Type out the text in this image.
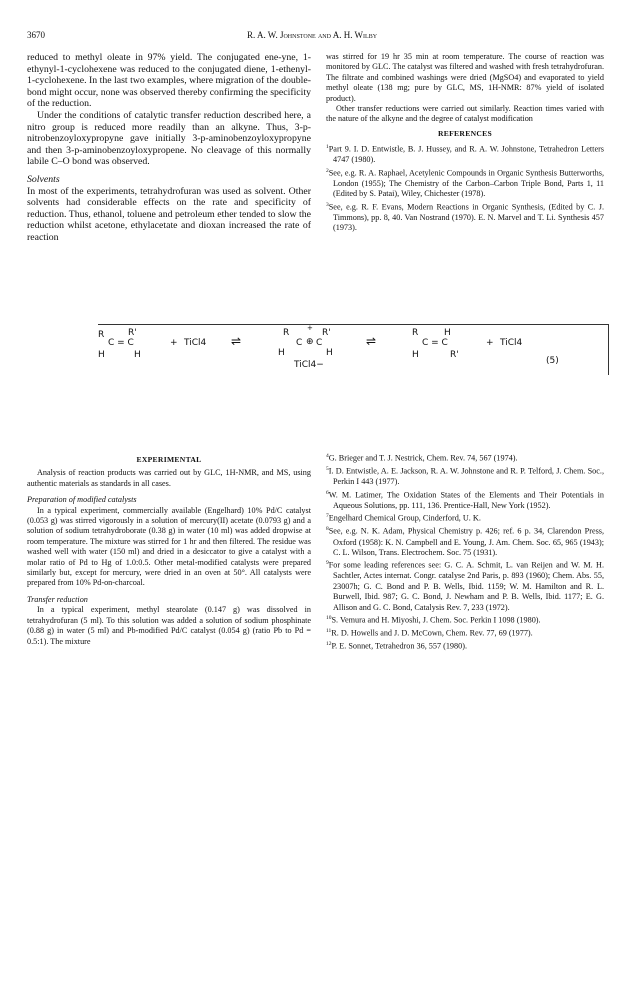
3670	R. A. W. Johnstone and A. H. Wilby

reduced to methyl oleate in 97% yield. The conjugated ene-yne, 1-ethynyl-1-cyclohexene was reduced to the conjugated diene, 1-ethenyl-1-cyclohexene. In the last two examples, where migration of the double-bond might occur, none was observed thereby confirming the specificity of the reduction.

Under the conditions of catalytic transfer reduction described here, a nitro group is reduced more readily than an alkyne. Thus, 3-p-nitrobenzoyloxypropyne gave initially 3-p-aminobenzoyloxypropyne and then 3-p-aminobenzoyloxypropene. No cleavage of this normally labile C–O bond was observed.

Solvents

In most of the experiments, tetrahydrofuran was used as solvent. Other solvents had considerable effects on the rate and specificity of reduction. Thus, ethanol, toluene and petroleum ether tended to slow the reduction whilst acetone, ethylacetate and dioxan increased the rate of reaction

was stirred for 19 hr 35 min at room temperature. The course of reaction was monitored by GLC. The catalyst was filtered and washed with fresh tetrahydrofuran. The filtrate and combined washings were dried (MgSO4) and evaporated to yield methyl oleate (138 mg; pure by GLC, MS, 1H-NMR: 87% yield of isolated product).

Other transfer reductions were carried out similarly. Reaction times varied with the nature of the alkyne and the degree of catalyst modification

REFERENCES

$^1$Part 9. I. D. Entwistle, B. J. Hussey, and R. A. W. Johnstone, Tetrahedron Letters 4747 (1980).

$^2$See, e.g. R. A. Raphael, Acetylenic Compounds in Organic Synthesis Butterworths, London (1955); The Chemistry of the Carbon–Carbon Triple Bond, Parts 1, 11 (Edited by S. Patai), Wiley, Chichester (1978).

$^3$See, e.g. R. F. Evans, Modern Reactions in Organic Synthesis, (Edited by C. J. Timmons), pp. 8, 40. Van Nostrand (1970). E. N. Marvel and T. Li. Synthesis 457 (1973).

R	R'
C = C
H	H
+ TiCl4 ⇌
R	+ R'
C ⊕ C
H	H
TiCl4−
⇌
R	H
C = C
H	R'
+ TiCl4
(5)

EXPERIMENTAL

Analysis of reaction products was carried out by GLC, 1H-NMR, and MS, using authentic materials as standards in all cases.

Preparation of modified catalysts

In a typical experiment, commercially available (Engelhard) 10% Pd/C catalyst (0.053 g) was stirred vigorously in a solution of mercury(II) acetate (0.0793 g) and a solution of sodium tetrahydroborate (0.38 g) in water (10 ml) was added dropwise at room temperature. The mixture was stirred for 1 hr and then filtered. The residue was washed well with water (150 ml) and dried in a desiccator to give a catalyst with a molar ratio of Pd to Hg of 1.0:0.5. Other metal-modified catalysts were prepared similarly but, except for mercury, were dried in an oven at 50°. All catalysts were prepared from 10% Pd-on-charcoal.

Transfer reduction

In a typical experiment, methyl stearolate (0.147 g) was dissolved in tetrahydrofuran (5 ml). To this solution was added a solution of sodium phosphinate (0.88 g) in water (5 ml) and Pb-modified Pd/C catalyst (0.054 g) (ratio Pb to Pd = 0.5:1). The mixture

$^4$G. Brieger and T. J. Nestrick, Chem. Rev. 74, 567 (1974).

$^5$I. D. Entwistle, A. E. Jackson, R. A. W. Johnstone and R. P. Telford, J. Chem. Soc., Perkin I 443 (1977).

$^6$W. M. Latimer, The Oxidation States of the Elements and Their Potentials in Aqueous Solutions, pp. 111, 136. Prentice-Hall, New York (1952).

$^7$Engelhard Chemical Group, Cinderford, U. K.

$^8$See, e.g. N. K. Adam, Physical Chemistry p. 426; ref. 6 p. 34, Clarendon Press, Oxford (1958): K. N. Campbell and E. Young, J. Am. Chem. Soc. 65, 965 (1943); C. L. Wilson, Trans. Electrochem. Soc. 75 (1931).

$^9$For some leading references see: G. C. A. Schmit, L. van Reijen and W. M. H. Sachtler, Actes internat. Congr. catalyse 2nd Paris, p. 893 (1960); Chem. Abs. 55, 23007h; G. C. Bond and P. B. Wells, Ibid. 1159; W. M. Hamilton and R. L. Burwell, Ibid. 987; G. C. Bond, J. Newham and P. B. Wells, Ibid. 1177; E. G. Allison and G. C. Bond, Catalysis Rev. 7, 233 (1972).

$^{10}$S. Vemura and H. Miyoshi, J. Chem. Soc. Perkin I 1098 (1980).

$^{11}$R. D. Howells and J. D. McCown, Chem. Rev. 77, 69 (1977).

$^{12}$P. E. Sonnet, Tetrahedron 36, 557 (1980).
